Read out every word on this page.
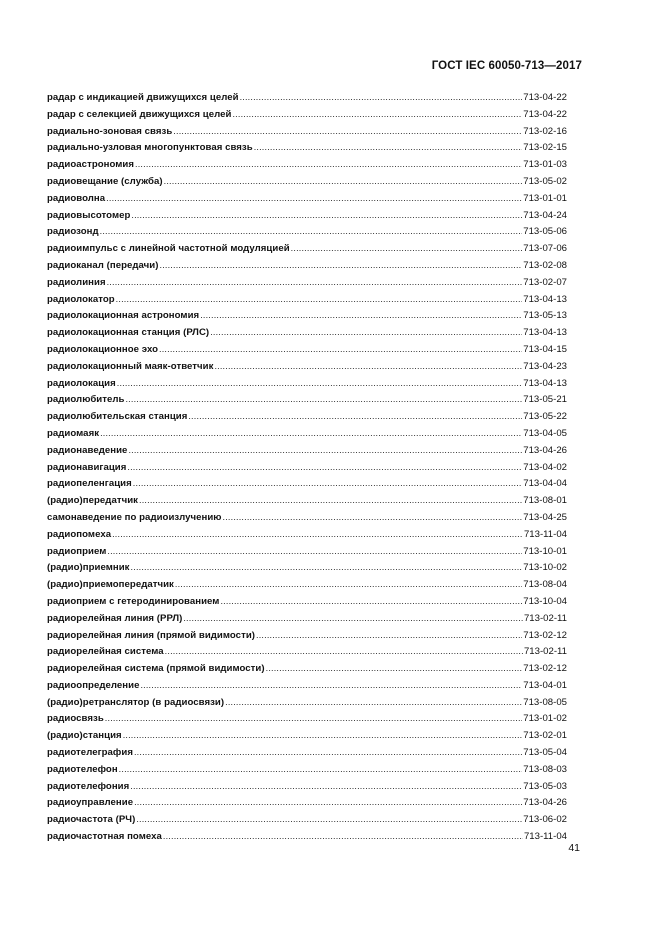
ГОСТ IEC 60050-713—2017
радар с индикацией движущихся целей .....	713-04-22
радар с селекцией движущихся целей .....	713-04-22
радиально-зоновая связь .....	713-02-16
радиально-узловая многопунктовая связь .....	713-02-15
радиоастрономия .....	713-01-03
радиовещание (служба) .....	713-05-02
радиоволна .....	713-01-01
радиовысотомер .....	713-04-24
радиозонд .....	713-05-06
радиоимпульс с линейной частотной модуляцией .....	713-07-06
радиоканал (передачи) .....	713-02-08
радиолиния .....	713-02-07
радиолокатор .....	713-04-13
радиолокационная астрономия .....	713-05-13
радиолокационная станция (РЛС) .....	713-04-13
радиолокационное эхо .....	713-04-15
радиолокационный маяк-ответчик .....	713-04-23
радиолокация .....	713-04-13
радиолюбитель .....	713-05-21
радиолюбительская станция .....	713-05-22
радиомаяк .....	713-04-05
радионаведение .....	713-04-26
радионавигация .....	713-04-02
радиопеленгация .....	713-04-04
(радио)передатчик .....	713-08-01
самонаведение по радиоизлучению .....	713-04-25
радиопомеха .....	713-11-04
радиоприем .....	713-10-01
(радио)приемник .....	713-10-02
(радио)приемопередатчик .....	713-08-04
радиоприем с гетеродинированием .....	713-10-04
радиорелейная линия (РРЛ) .....	713-02-11
радиорелейная линия (прямой видимости) .....	713-02-12
радиорелейная система .....	713-02-11
радиорелейная система (прямой видимости) .....	713-02-12
радиоопределение .....	713-04-01
(радио)ретранслятор (в радиосвязи) .....	713-08-05
радиосвязь .....	713-01-02
(радио)станция .....	713-02-01
радиотелеграфия .....	713-05-04
радиотелефон .....	713-08-03
радиотелефония .....	713-05-03
радиоуправление .....	713-04-26
радиочастота (РЧ) .....	713-06-02
радиочастотная помеха .....	713-11-04
41
